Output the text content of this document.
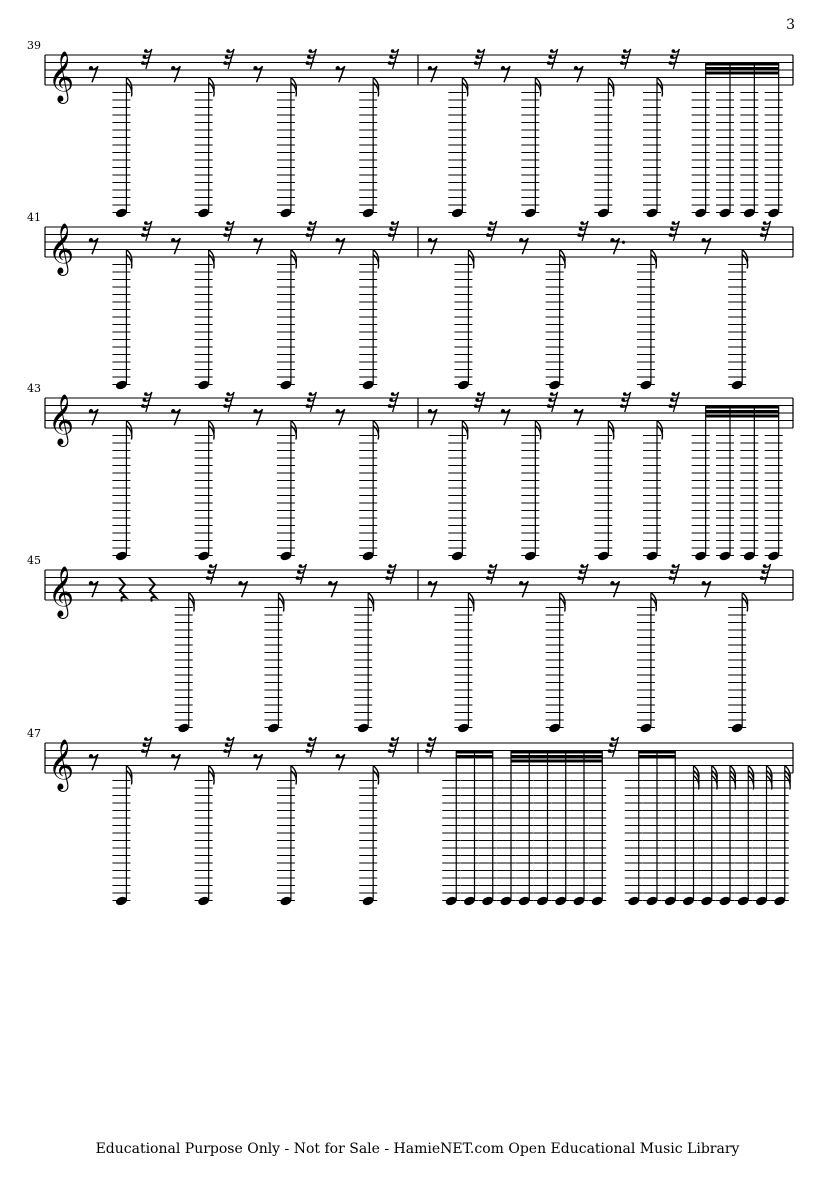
3
39
𝄞
41
𝄞
43
𝄞
45
𝄞
47
𝄞
Educational Purpose Only - Not for Sale - HamieNET.com Open Educational Music Library
